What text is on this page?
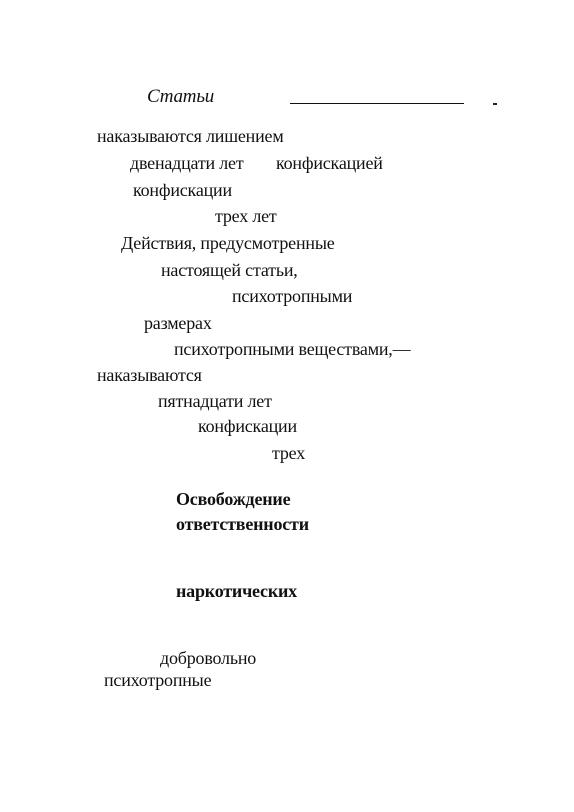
Статьи
наказываются лишением
двенадцати лет конфискацией
конфискации
трех лет
Действия, предусмотренные
настоящей статьи,
психотропными
размерах
психотропными веществами,—
наказываются
пятнадцати лет
конфискации
трех
Освобождение
ответственности
наркотических
добровольно
психотропные
